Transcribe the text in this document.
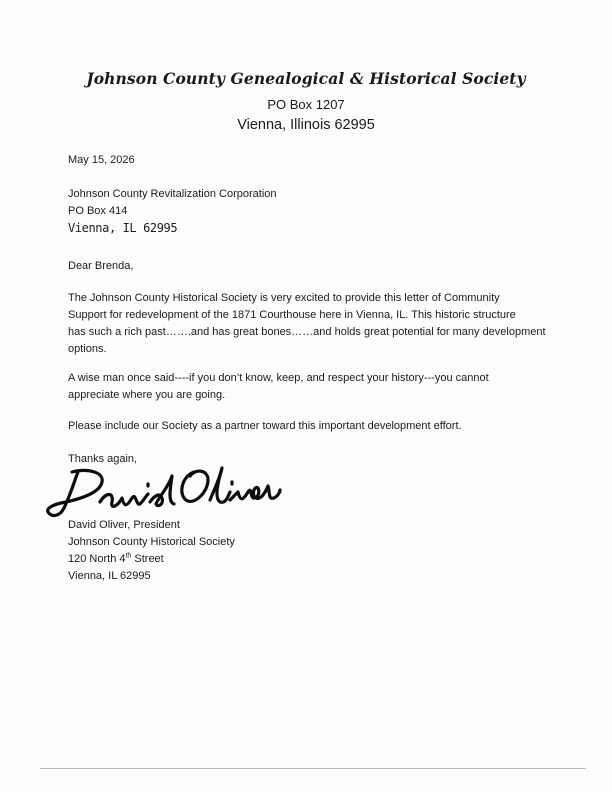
Johnson County Genealogical & Historical Society
PO Box 1207
Vienna, Illinois 62995
May 15, 2026
Johnson County Revitalization Corporation
PO Box 414
Vienna, IL 62995
Dear Brenda,
The Johnson County Historical Society is very excited to provide this letter of Community
Support for redevelopment of the 1871 Courthouse here in Vienna, IL. This historic structure
has such a rich past…….and has great bones……and holds great potential for many development
options.
A wise man once said----if you don’t know, keep, and respect your history---you cannot
appreciate where you are going.
Please include our Society as a partner toward this important development effort.
Thanks again,
David Oliver, President
Johnson County Historical Society
120 North 4th Street
Vienna, IL 62995
